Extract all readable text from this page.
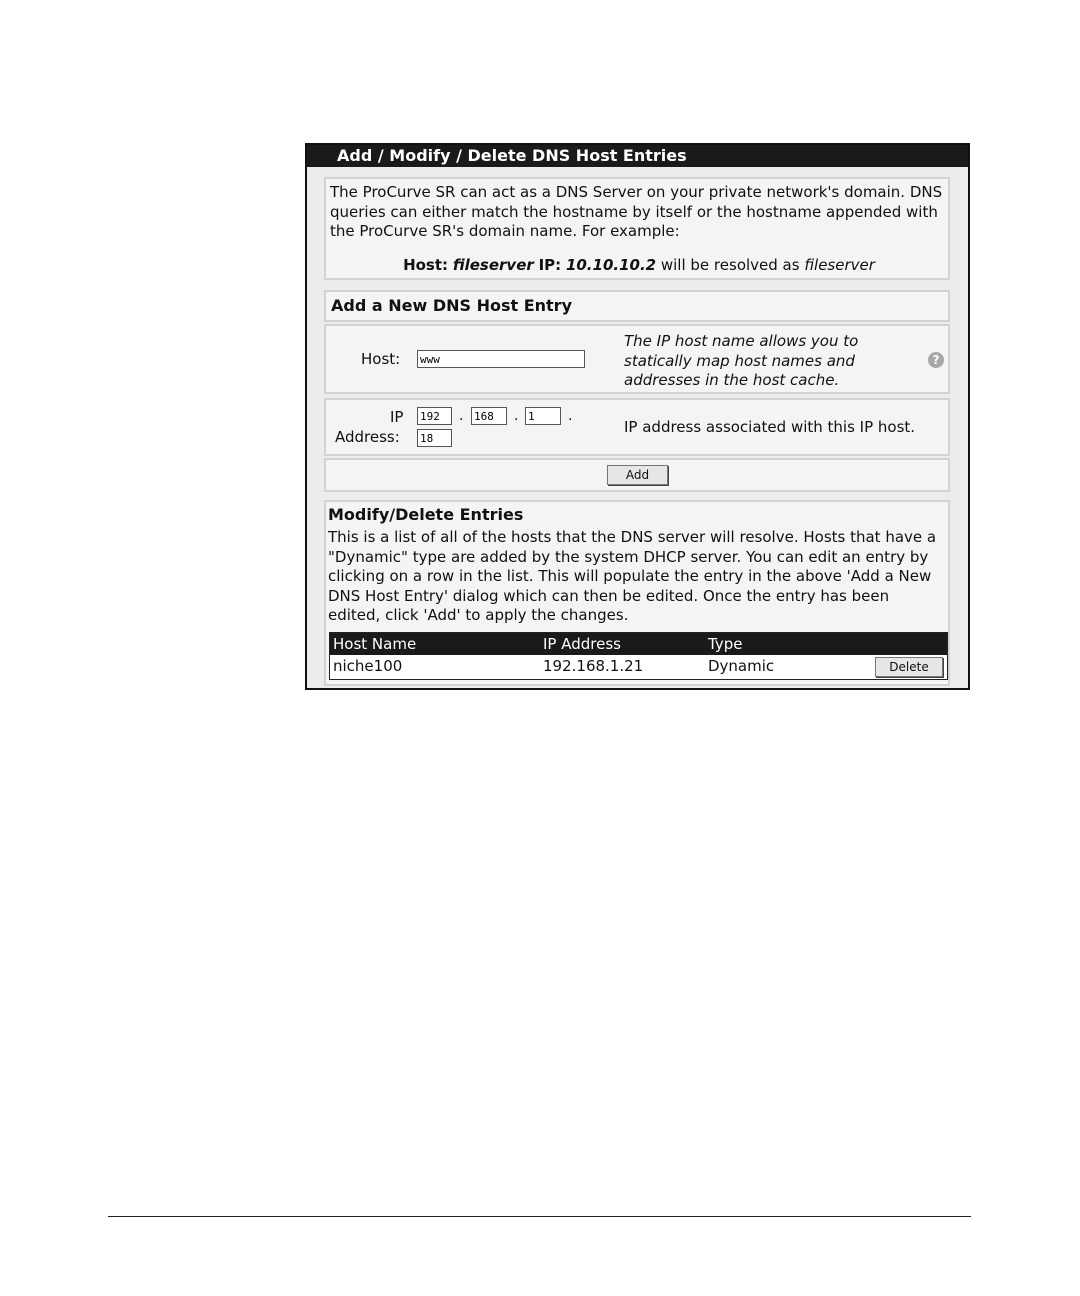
Add / Modify / Delete DNS Host Entries
The ProCurve SR can act as a DNS Server on your private network's domain. DNS queries can either match the hostname by itself or the hostname appended with the ProCurve SR's domain name. For example:
Host: fileserver IP: 10.10.10.2 will be resolved as fileserver
Add a New DNS Host Entry
Host:
www
The IP host name allows you to statically map host names and addresses in the host cache.
?
IP
Address:
192
.
168	.
1	.
18
IP address associated with this IP host.
Add
Modify/Delete Entries
This is a list of all of the hosts that the DNS server will resolve. Hosts that have a "Dynamic" type are added by the system DHCP server. You can edit an entry by clicking on a row in the list. This will populate the entry in the above 'Add a New DNS Host Entry' dialog which can then be edited. Once the entry has been edited, click 'Add' to apply the changes.
Host Name	IP Address	Type
niche100	192.168.1.21	Dynamic	Delete
